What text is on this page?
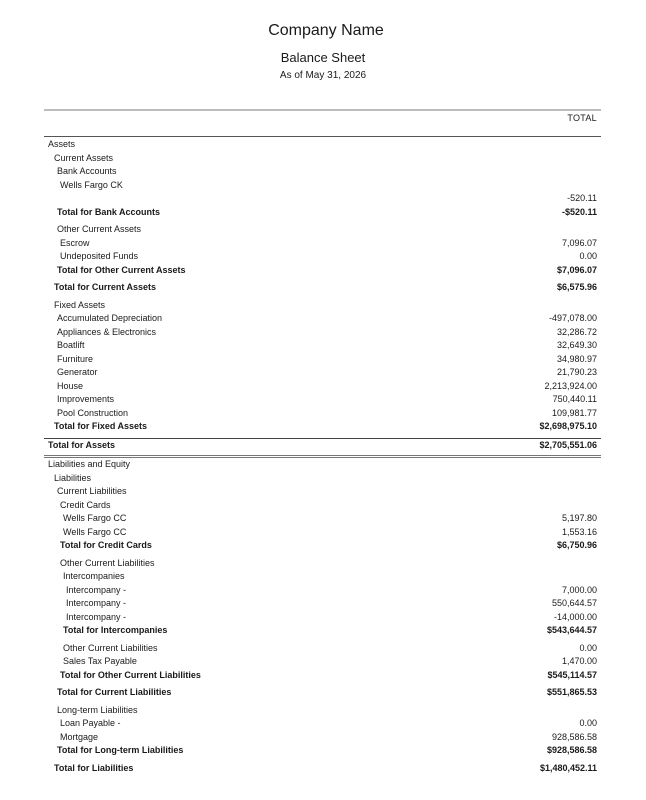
Company Name
Balance Sheet
As of May 31, 2026
TOTAL
Assets
Current Assets
Bank Accounts
Wells Fargo CK
-520.11
Total for Bank Accounts	-$520.11
Other Current Assets
Escrow	7,096.07
Undeposited Funds	0.00
Total for Other Current Assets	$7,096.07
Total for Current Assets	$6,575.96
Fixed Assets
Accumulated Depreciation	-497,078.00
Appliances & Electronics	32,286.72
Boatlift	32,649.30
Furniture	34,980.97
Generator	21,790.23
House	2,213,924.00
Improvements	750,440.11
Pool Construction	109,981.77
Total for Fixed Assets	$2,698,975.10
Total for Assets	$2,705,551.06
Liabilities and Equity
Liabilities
Current Liabilities
Credit Cards
Wells Fargo CC	5,197.80
Wells Fargo CC	1,553.16
Total for Credit Cards	$6,750.96
Other Current Liabilities
Intercompanies
Intercompany -	7,000.00
Intercompany -	550,644.57
Intercompany -	-14,000.00
Total for Intercompanies	$543,644.57
Other Current Liabilities	0.00
Sales Tax Payable	1,470.00
Total for Other Current Liabilities	$545,114.57
Total for Current Liabilities	$551,865.53
Long-term Liabilities
Loan Payable -	0.00
Mortgage	928,586.58
Total for Long-term Liabilities	$928,586.58
Total for Liabilities	$1,480,452.11
